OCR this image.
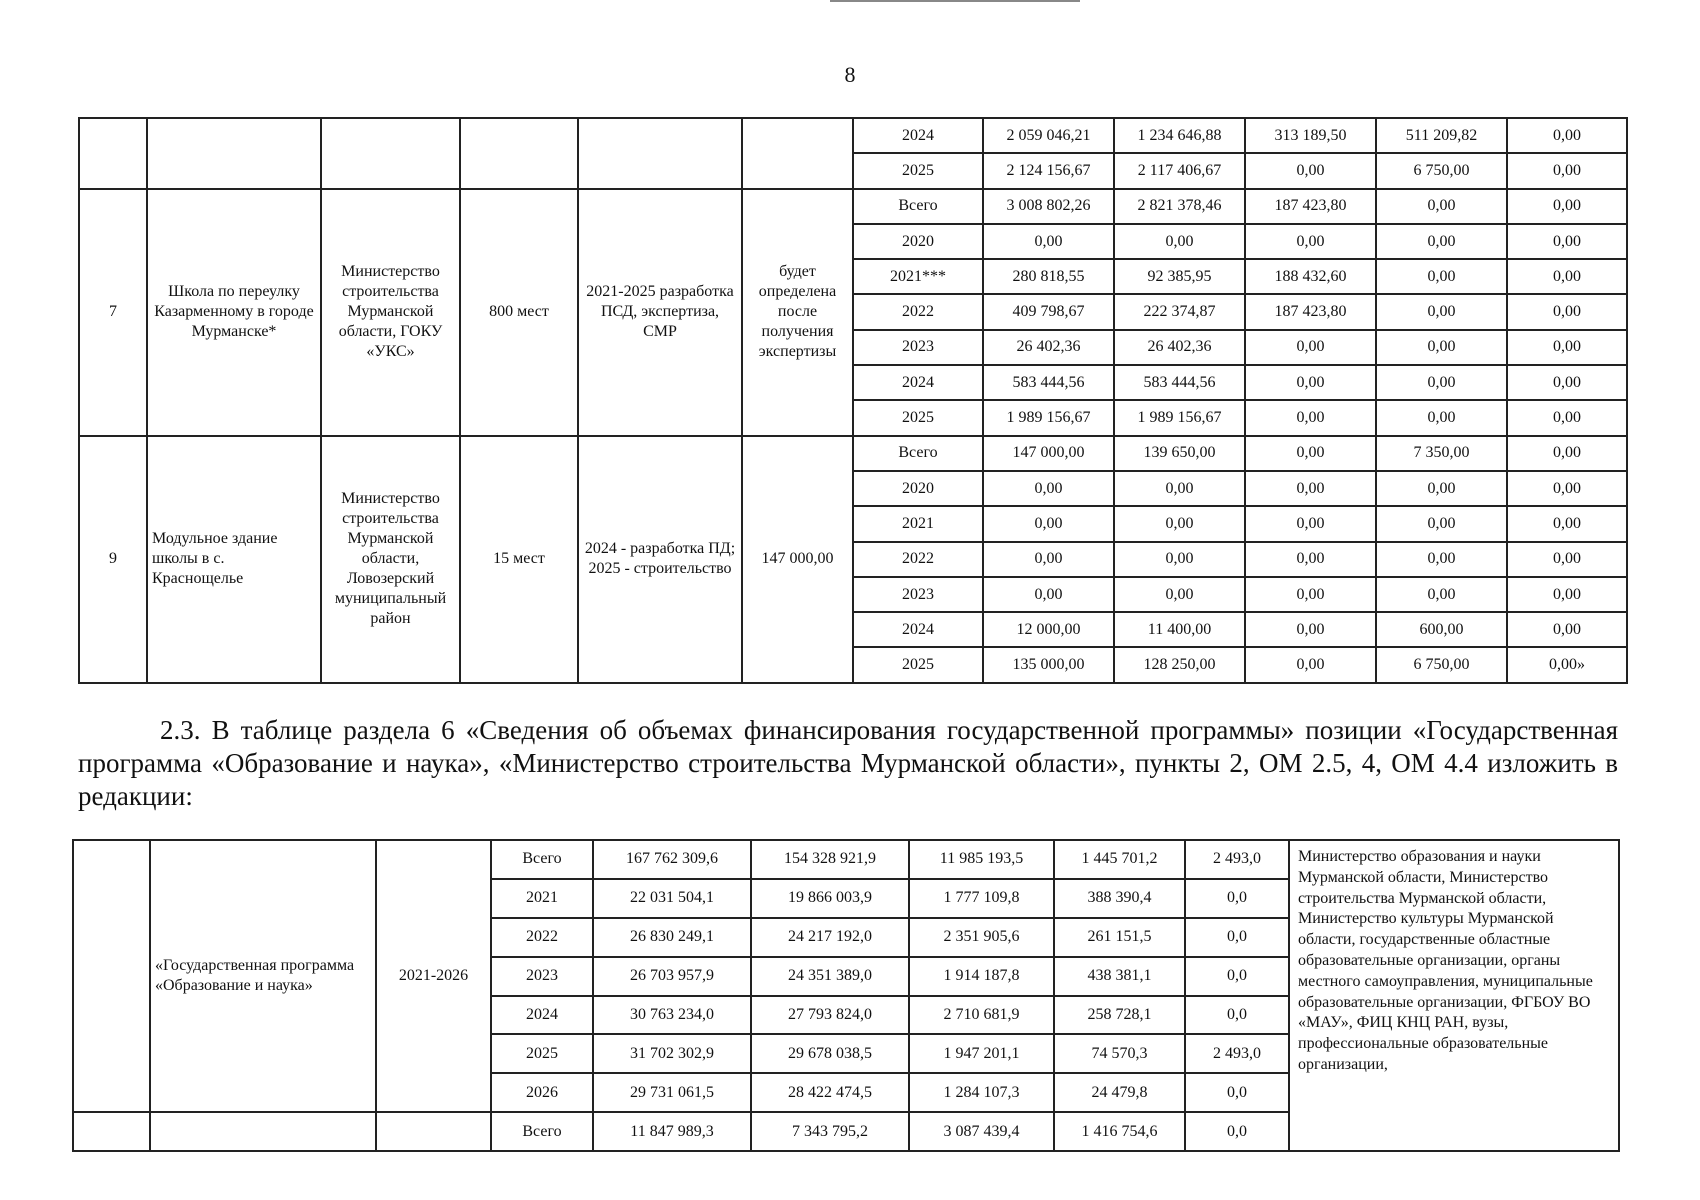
8
						2024	2 059 046,21	1 234 646,88	313 189,50	511 209,82	0,00
						2025	2 124 156,67	2 117 406,67	0,00	6 750,00	0,00
7	Школа по переулку Казарменному в городе Мурманске*	Министерство строительства Мурманской области, ГОКУ «УКС»	800 мест	2021-2025 разработка ПСД, экспертиза, СМР	будет определена после получения экспертизы	Всего	3 008 802,26	2 821 378,46	187 423,80	0,00	0,00
						2020	0,00	0,00	0,00	0,00	0,00
						2021***	280 818,55	92 385,95	188 432,60	0,00	0,00
						2022	409 798,67	222 374,87	187 423,80	0,00	0,00
						2023	26 402,36	26 402,36	0,00	0,00	0,00
						2024	583 444,56	583 444,56	0,00	0,00	0,00
						2025	1 989 156,67	1 989 156,67	0,00	0,00	0,00
9	Модульное здание школы в с. Краснощелье	Министерство строительства Мурманской области, Ловозерский муниципальный район	15 мест	2024 - разработка ПД; 2025 - строительство	147 000,00	Всего	147 000,00	139 650,00	0,00	7 350,00	0,00
						2020	0,00	0,00	0,00	0,00	0,00
						2021	0,00	0,00	0,00	0,00	0,00
						2022	0,00	0,00	0,00	0,00	0,00
						2023	0,00	0,00	0,00	0,00	0,00
						2024	12 000,00	11 400,00	0,00	600,00	0,00
						2025	135 000,00	128 250,00	0,00	6 750,00	0,00»
2.3. В таблице раздела 6 «Сведения об объемах финансирования государственной программы» позиции «Государственная программа «Образование и наука», «Министерство строительства Мурманской области», пункты 2, ОМ 2.5, 4, ОМ 4.4 изложить в редакции:
	«Государственная программа «Образование и наука»	2021-2026	Всего	167 762 309,6	154 328 921,9	11 985 193,5	1 445 701,2	2 493,0	Министерство образования и науки Мурманской области, Министерство строительства Мурманской области, Министерство культуры Мурманской области, государственные областные образовательные организации, органы местного самоуправления, муниципальные образовательные организации, ФГБОУ ВО «МАУ», ФИЦ КНЦ РАН, вузы, профессиональные образовательные организации,
			2021	22 031 504,1	19 866 003,9	1 777 109,8	388 390,4	0,0	
			2022	26 830 249,1	24 217 192,0	2 351 905,6	261 151,5	0,0	
			2023	26 703 957,9	24 351 389,0	1 914 187,8	438 381,1	0,0	
			2024	30 763 234,0	27 793 824,0	2 710 681,9	258 728,1	0,0	
			2025	31 702 302,9	29 678 038,5	1 947 201,1	74 570,3	2 493,0	
			2026	29 731 061,5	28 422 474,5	1 284 107,3	24 479,8	0,0	
			Всего	11 847 989,3	7 343 795,2	3 087 439,4	1 416 754,6	0,0	
